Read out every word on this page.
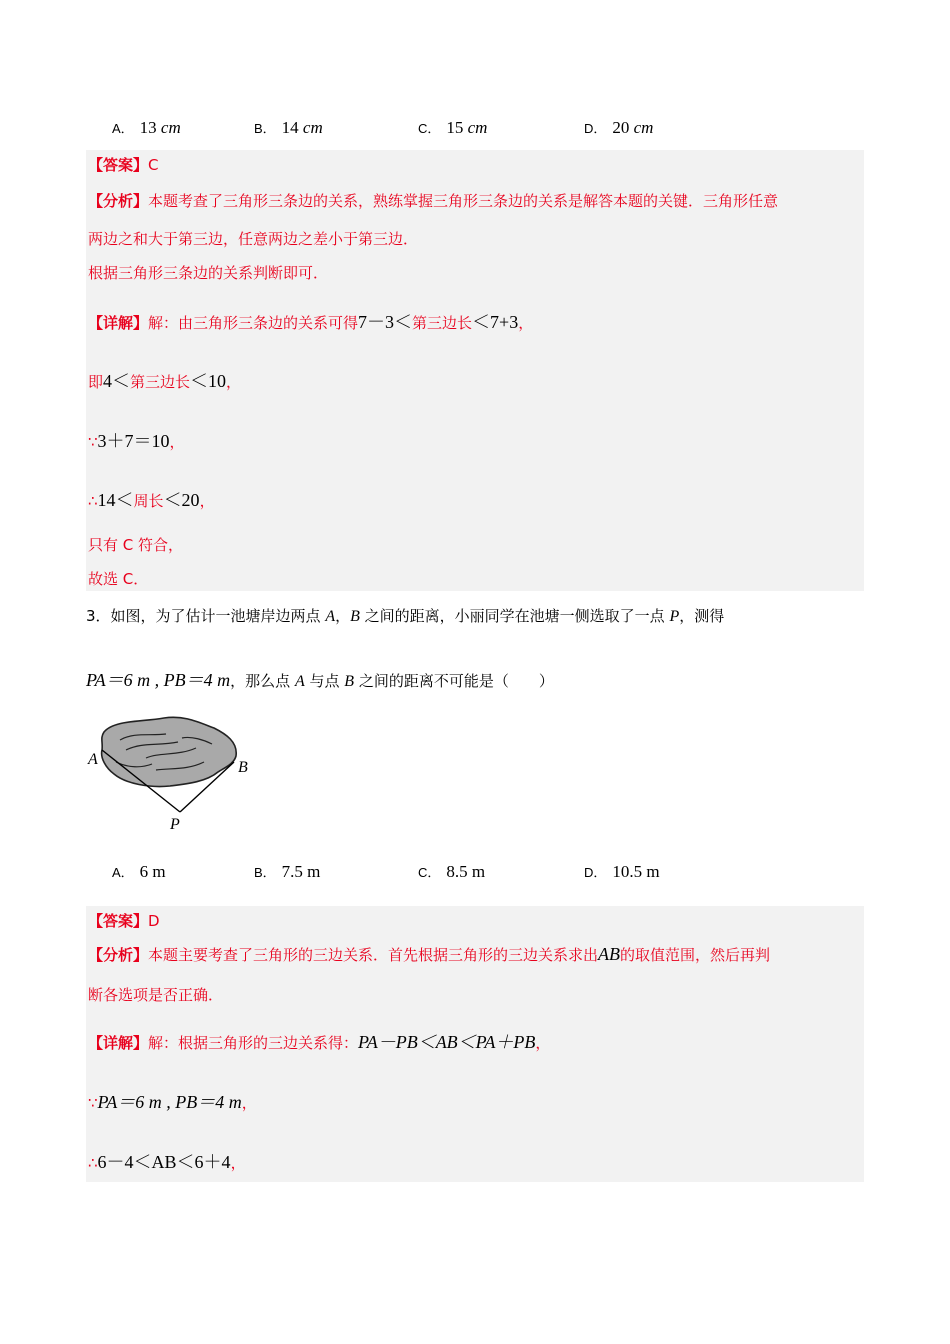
A． 13 cm	B． 14 cm	C． 15 cm	D． 20 cm
【答案】C
【分析】本题考查了三角形三条边的关系，熟练掌握三角形三条边的关系是解答本题的关键．三角形任意
两边之和大于第三边，任意两边之差小于第三边．
根据三角形三条边的关系判断即可．
【详解】解：由三角形三条边的关系可得7－3＜第三边长＜7+3，
即4＜第三边长＜10，
∵3＋7＝10，
∴14＜周长＜20，
只有 C 符合，
故选 C．
3．如图，为了估计一池塘岸边两点 A，B 之间的距离，小丽同学在池塘一侧选取了一点 P，测得
PA＝6 m , PB＝4 m，那么点 A 与点 B 之间的距离不可能是（　　）
A	B
P
A． 6 m	B． 7.5 m	C． 8.5 m	D． 10.5 m
【答案】D
【分析】本题主要考查了三角形的三边关系．首先根据三角形的三边关系求出AB的取值范围，然后再判
断各选项是否正确．
【详解】解：根据三角形的三边关系得：PA－PB＜AB＜PA＋PB，
∵PA＝6 m , PB＝4 m，
∴6－4＜AB＜6＋4，
